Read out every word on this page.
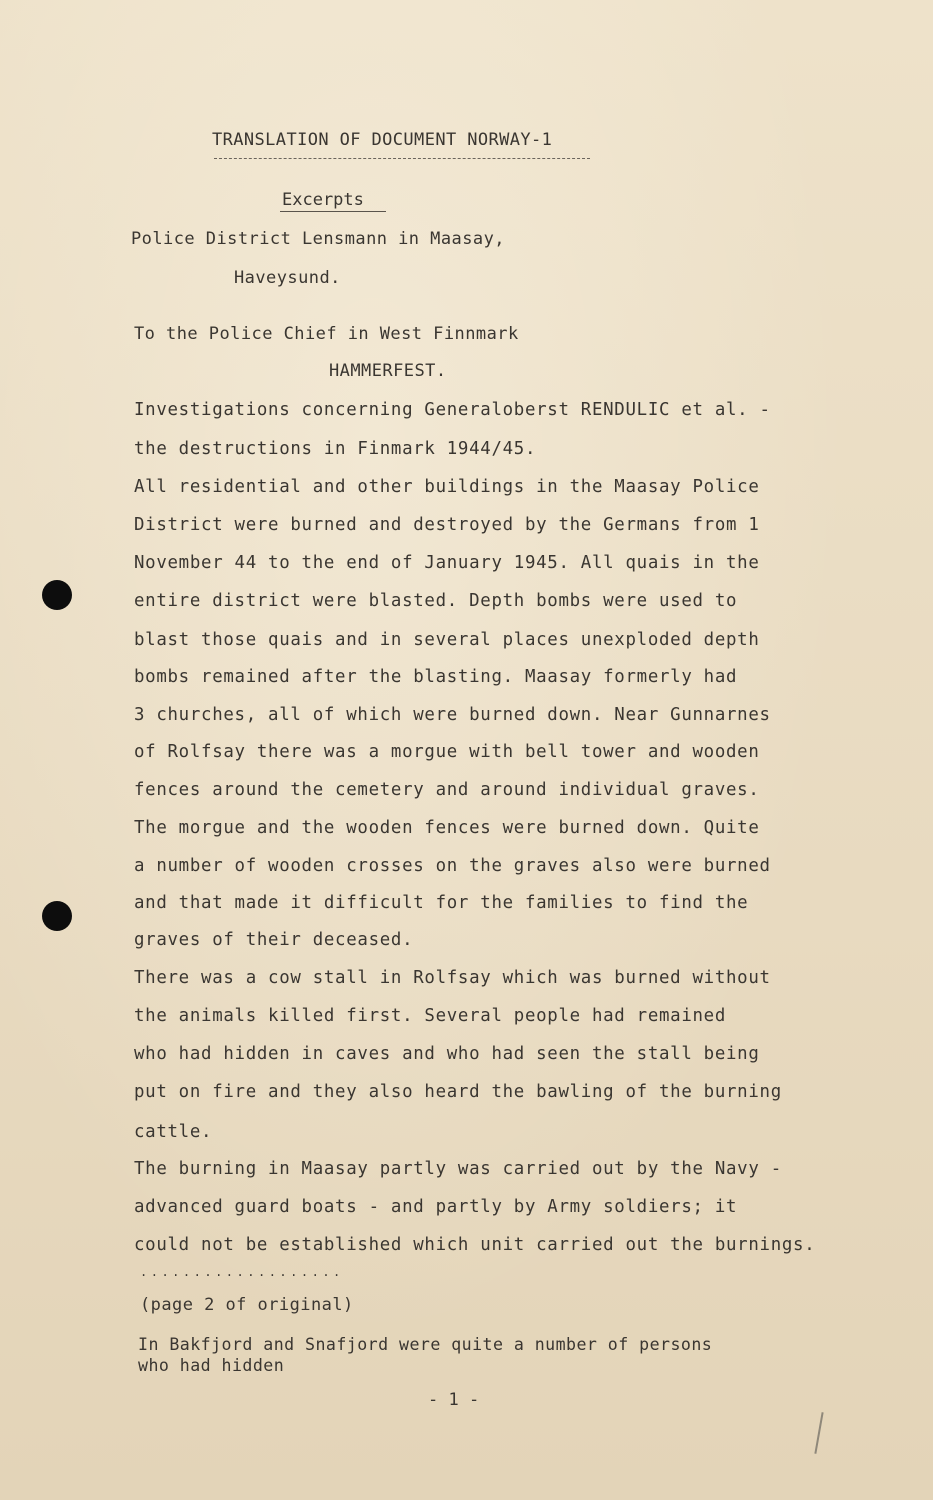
TRANSLATION OF DOCUMENT NORWAY-1
Excerpts
Police District Lensmann in Maasay,
Haveysund.
To the Police Chief in West Finnmark
HAMMERFEST.
Investigations concerning Generaloberst RENDULIC et al. -
the destructions in Finmark 1944/45.
All residential and other buildings in the Maasay Police
District were burned and destroyed by the Germans from 1
November 44 to the end of January 1945. All quais in the
entire district were blasted. Depth bombs were used to
blast those quais and in several places unexploded depth
bombs remained after the blasting. Maasay formerly had
3 churches, all of which were burned down. Near Gunnarnes
of Rolfsay there was a morgue with bell tower and wooden
fences around the cemetery and around individual graves.
The morgue and the wooden fences were burned down. Quite
a number of wooden crosses on the graves also were burned
and that made it difficult for the families to find the
graves of their deceased.
There was a cow stall in Rolfsay which was burned without
the animals killed first. Several people had remained
who had hidden in caves and who had seen the stall being
put on fire and they also heard the bawling of the burning
cattle.
The burning in Maasay partly was carried out by the Navy -
advanced guard boats - and partly by Army soldiers; it
could not be established which unit carried out the burnings.
...................
(page 2 of original)
In Bakfjord and Snafjord were quite a number of persons
who had hidden
- 1 -
